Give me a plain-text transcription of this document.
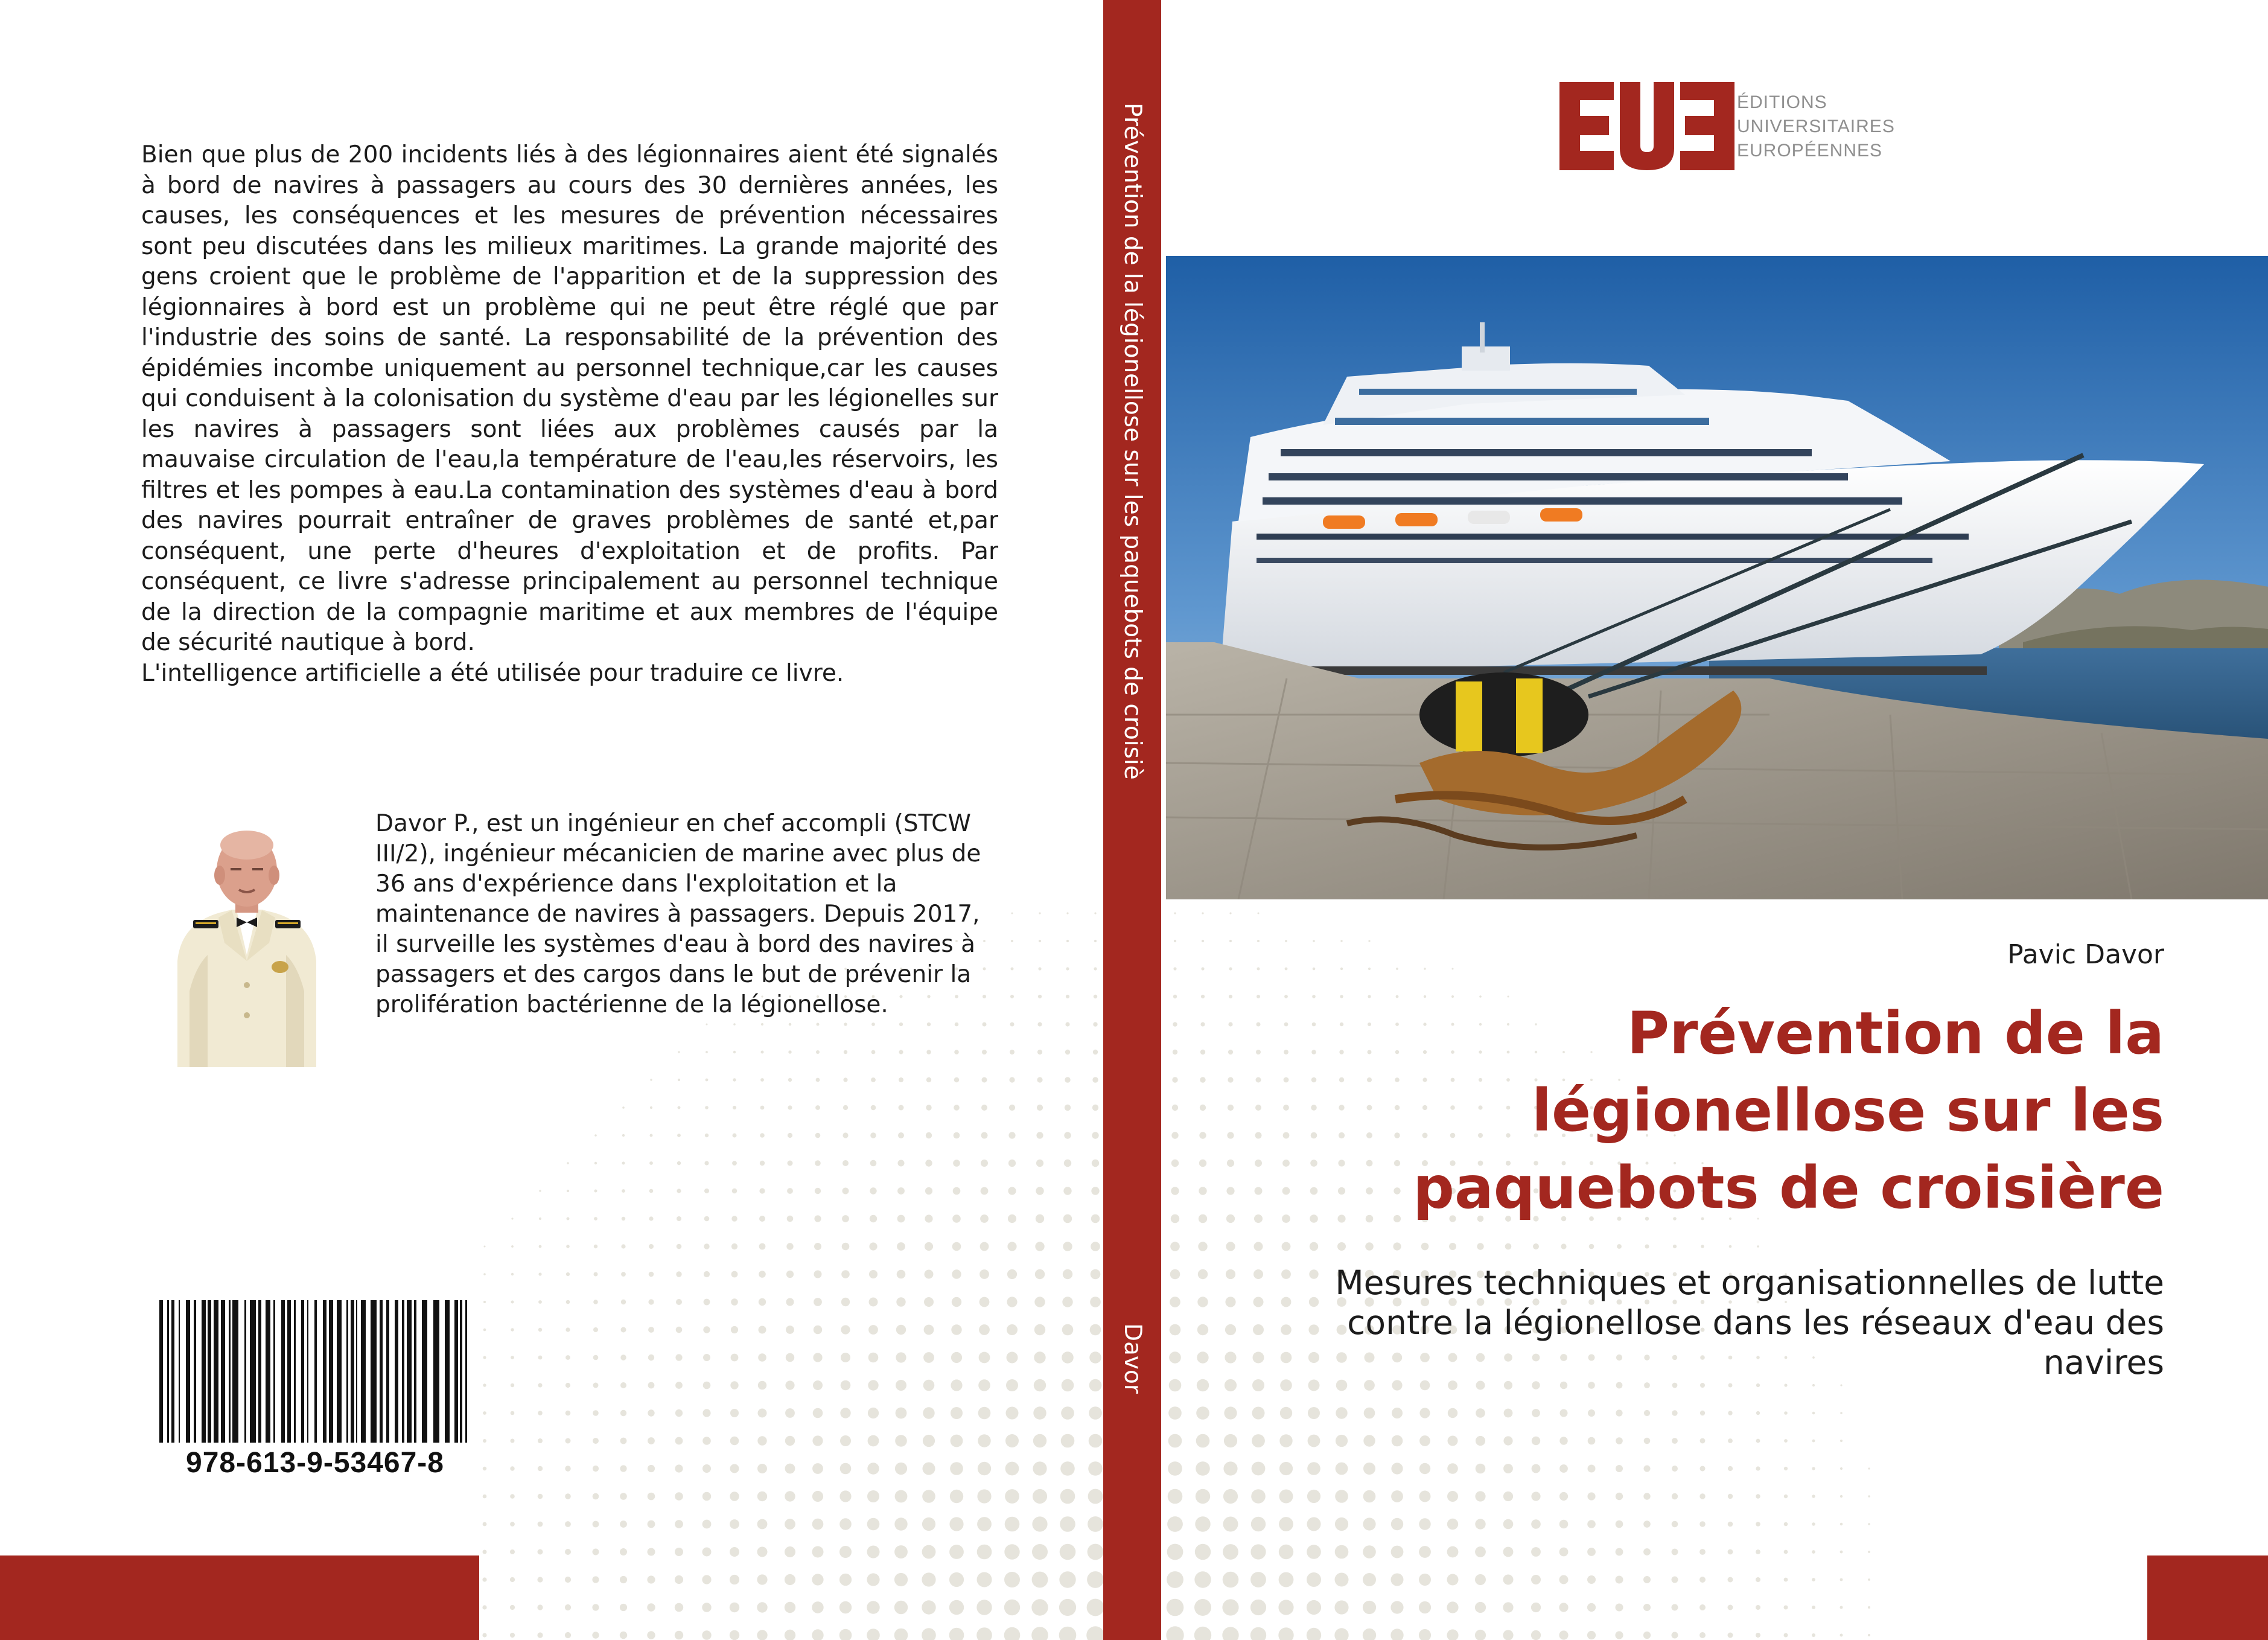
Bien que plus de 200 incidents liés à des légionnaires aient été signalés à bord de navires à passagers au cours des 30 dernières années, les causes, les conséquences et les mesures de prévention nécessaires sont peu discutées dans les milieux maritimes. La grande majorité des gens croient que le problème de l'apparition et de la suppression des légionnaires à bord est un problème qui ne peut être réglé que par l'industrie des soins de santé. La responsabilité de la prévention des épidémies incombe uniquement au personnel technique,car les causes qui conduisent à la colonisation du système d'eau par les légionelles sur les navires à passagers sont liées aux problèmes causés par la mauvaise circulation de l'eau,la température de l'eau,les réservoirs, les filtres et les pompes à eau.La contamination des systèmes d'eau à bord des navires pourrait entraîner de graves problèmes de santé et,par conséquent, une perte d'heures d'exploitation et de profits. Par conséquent, ce livre s'adresse principalement au personnel technique de la direction de la compagnie maritime et aux membres de l'équipe de sécurité nautique à bord.

L'intelligence artificielle a été utilisée pour traduire ce livre.

Davor P., est un ingénieur en chef accompli (STCW III/2), ingénieur mécanicien de marine avec plus de 36 ans d'expérience dans l'exploitation et la maintenance de navires à passagers. Depuis 2017, il surveille les systèmes d'eau à bord des navires à passagers et des cargos dans le but de prévenir la prolifération bactérienne de la légionellose.
978-613-9-53467-8
Prévention de la légionellose sur les paquebots de croisiè
Davor
ÉDITIONS
UNIVERSITAIRES
EUROPÉENNES
Pavic Davor
Prévention de la légionellose sur les paquebots de croisière
Mesures techniques et organisationnelles de lutte contre la légionellose dans les réseaux d'eau des navires
